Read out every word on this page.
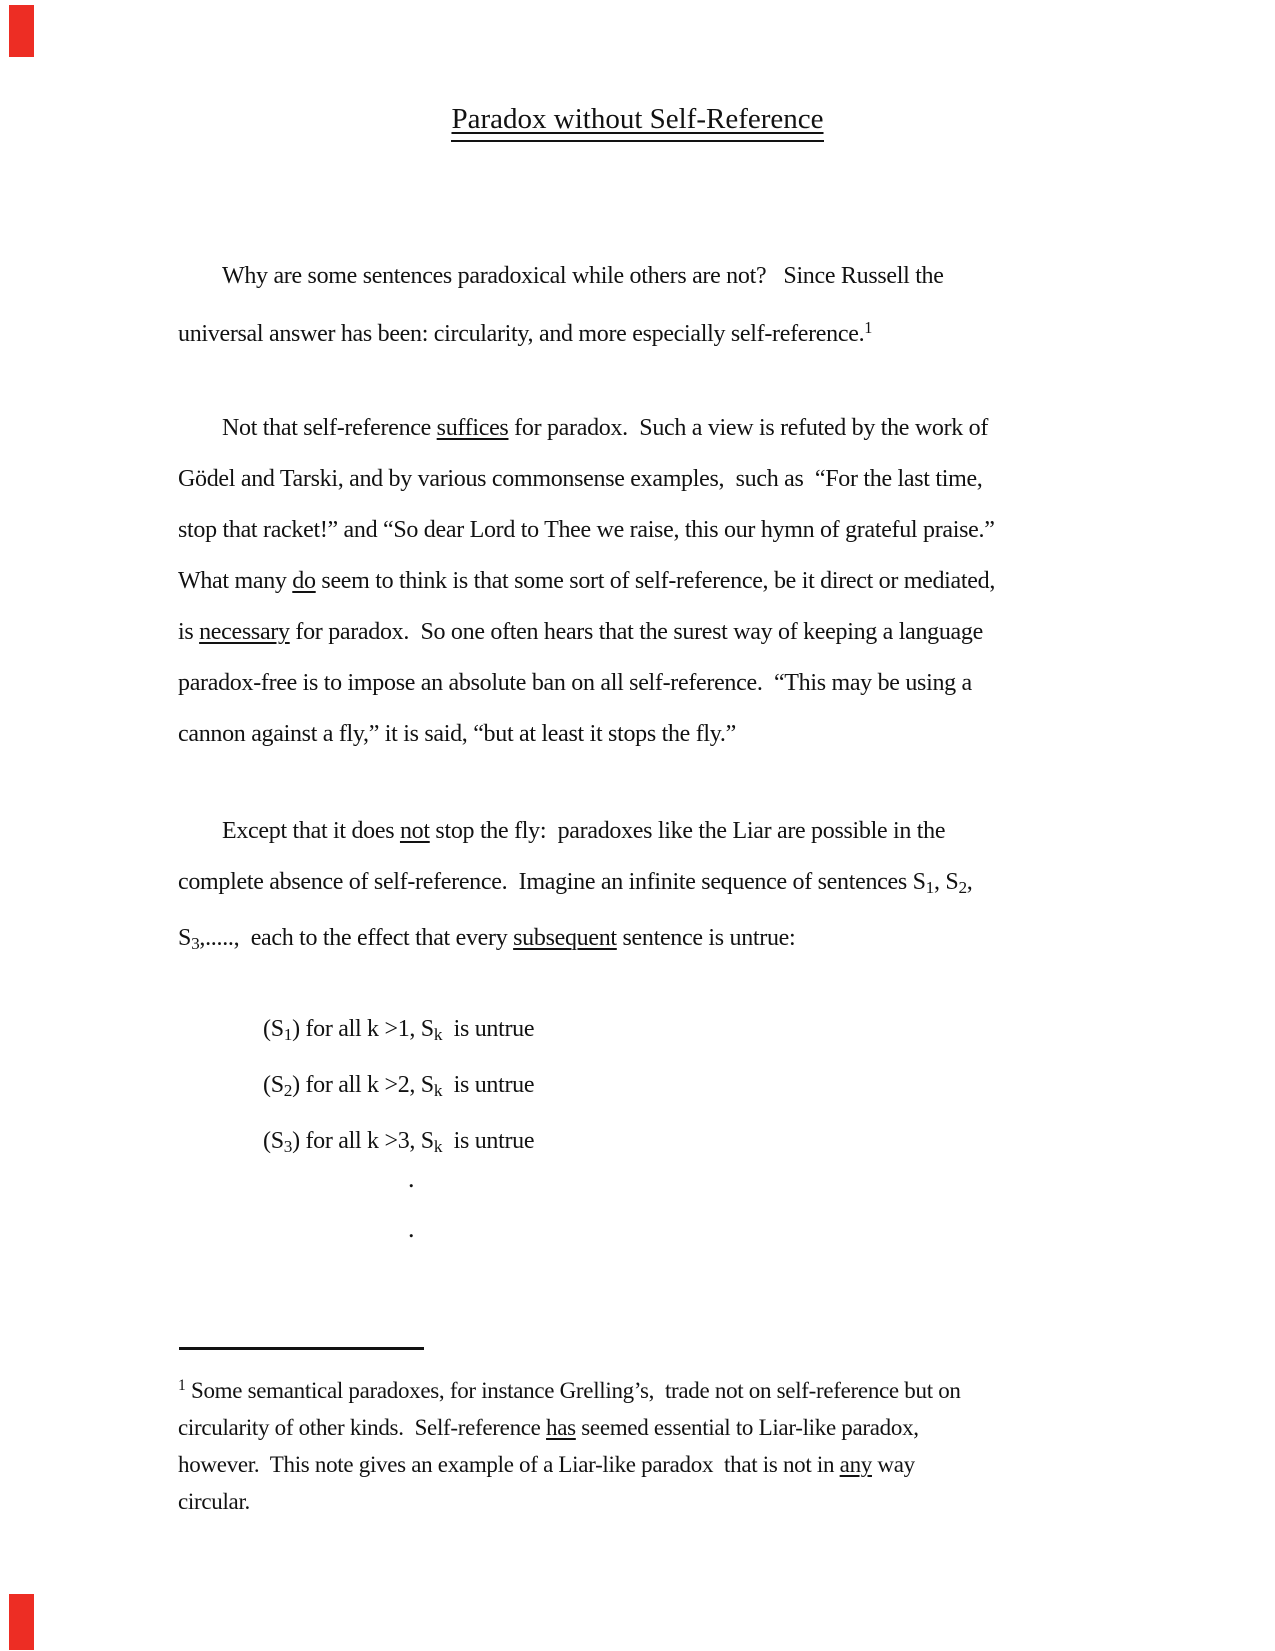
Paradox without Self-Reference
Why are some sentences paradoxical while others are not?   Since Russell the
universal answer has been: circularity, and more especially self-reference.$^1$
Not that self-reference suffices for paradox.  Such a view is refuted by the work of
Gödel and Tarski, and by various commonsense examples,  such as  “For the last time,
stop that racket!” and “So dear Lord to Thee we raise, this our hymn of grateful praise.”
What many do seem to think is that some sort of self-reference, be it direct or mediated,
is necessary for paradox.  So one often hears that the surest way of keeping a language
paradox-free is to impose an absolute ban on all self-reference.  “This may be using a
cannon against a fly,” it is said, “but at least it stops the fly.”
Except that it does not stop the fly:  paradoxes like the Liar are possible in the
complete absence of self-reference.  Imagine an infinite sequence of sentences $S_1$, $S_2$,
$S_3$,.....,  each to the effect that every subsequent sentence is untrue:
$(S_1)$ for all k >1, $S_k$  is untrue
$(S_2)$ for all k >2, $S_k$  is untrue
$(S_3)$ for all k >3, $S_k$  is untrue
.
.
$^1$ Some semantical paradoxes, for instance Grelling’s,  trade not on self-reference but on
circularity of other kinds.  Self-reference has seemed essential to Liar-like paradox,
however.  This note gives an example of a Liar-like paradox  that is not in any way
circular.
